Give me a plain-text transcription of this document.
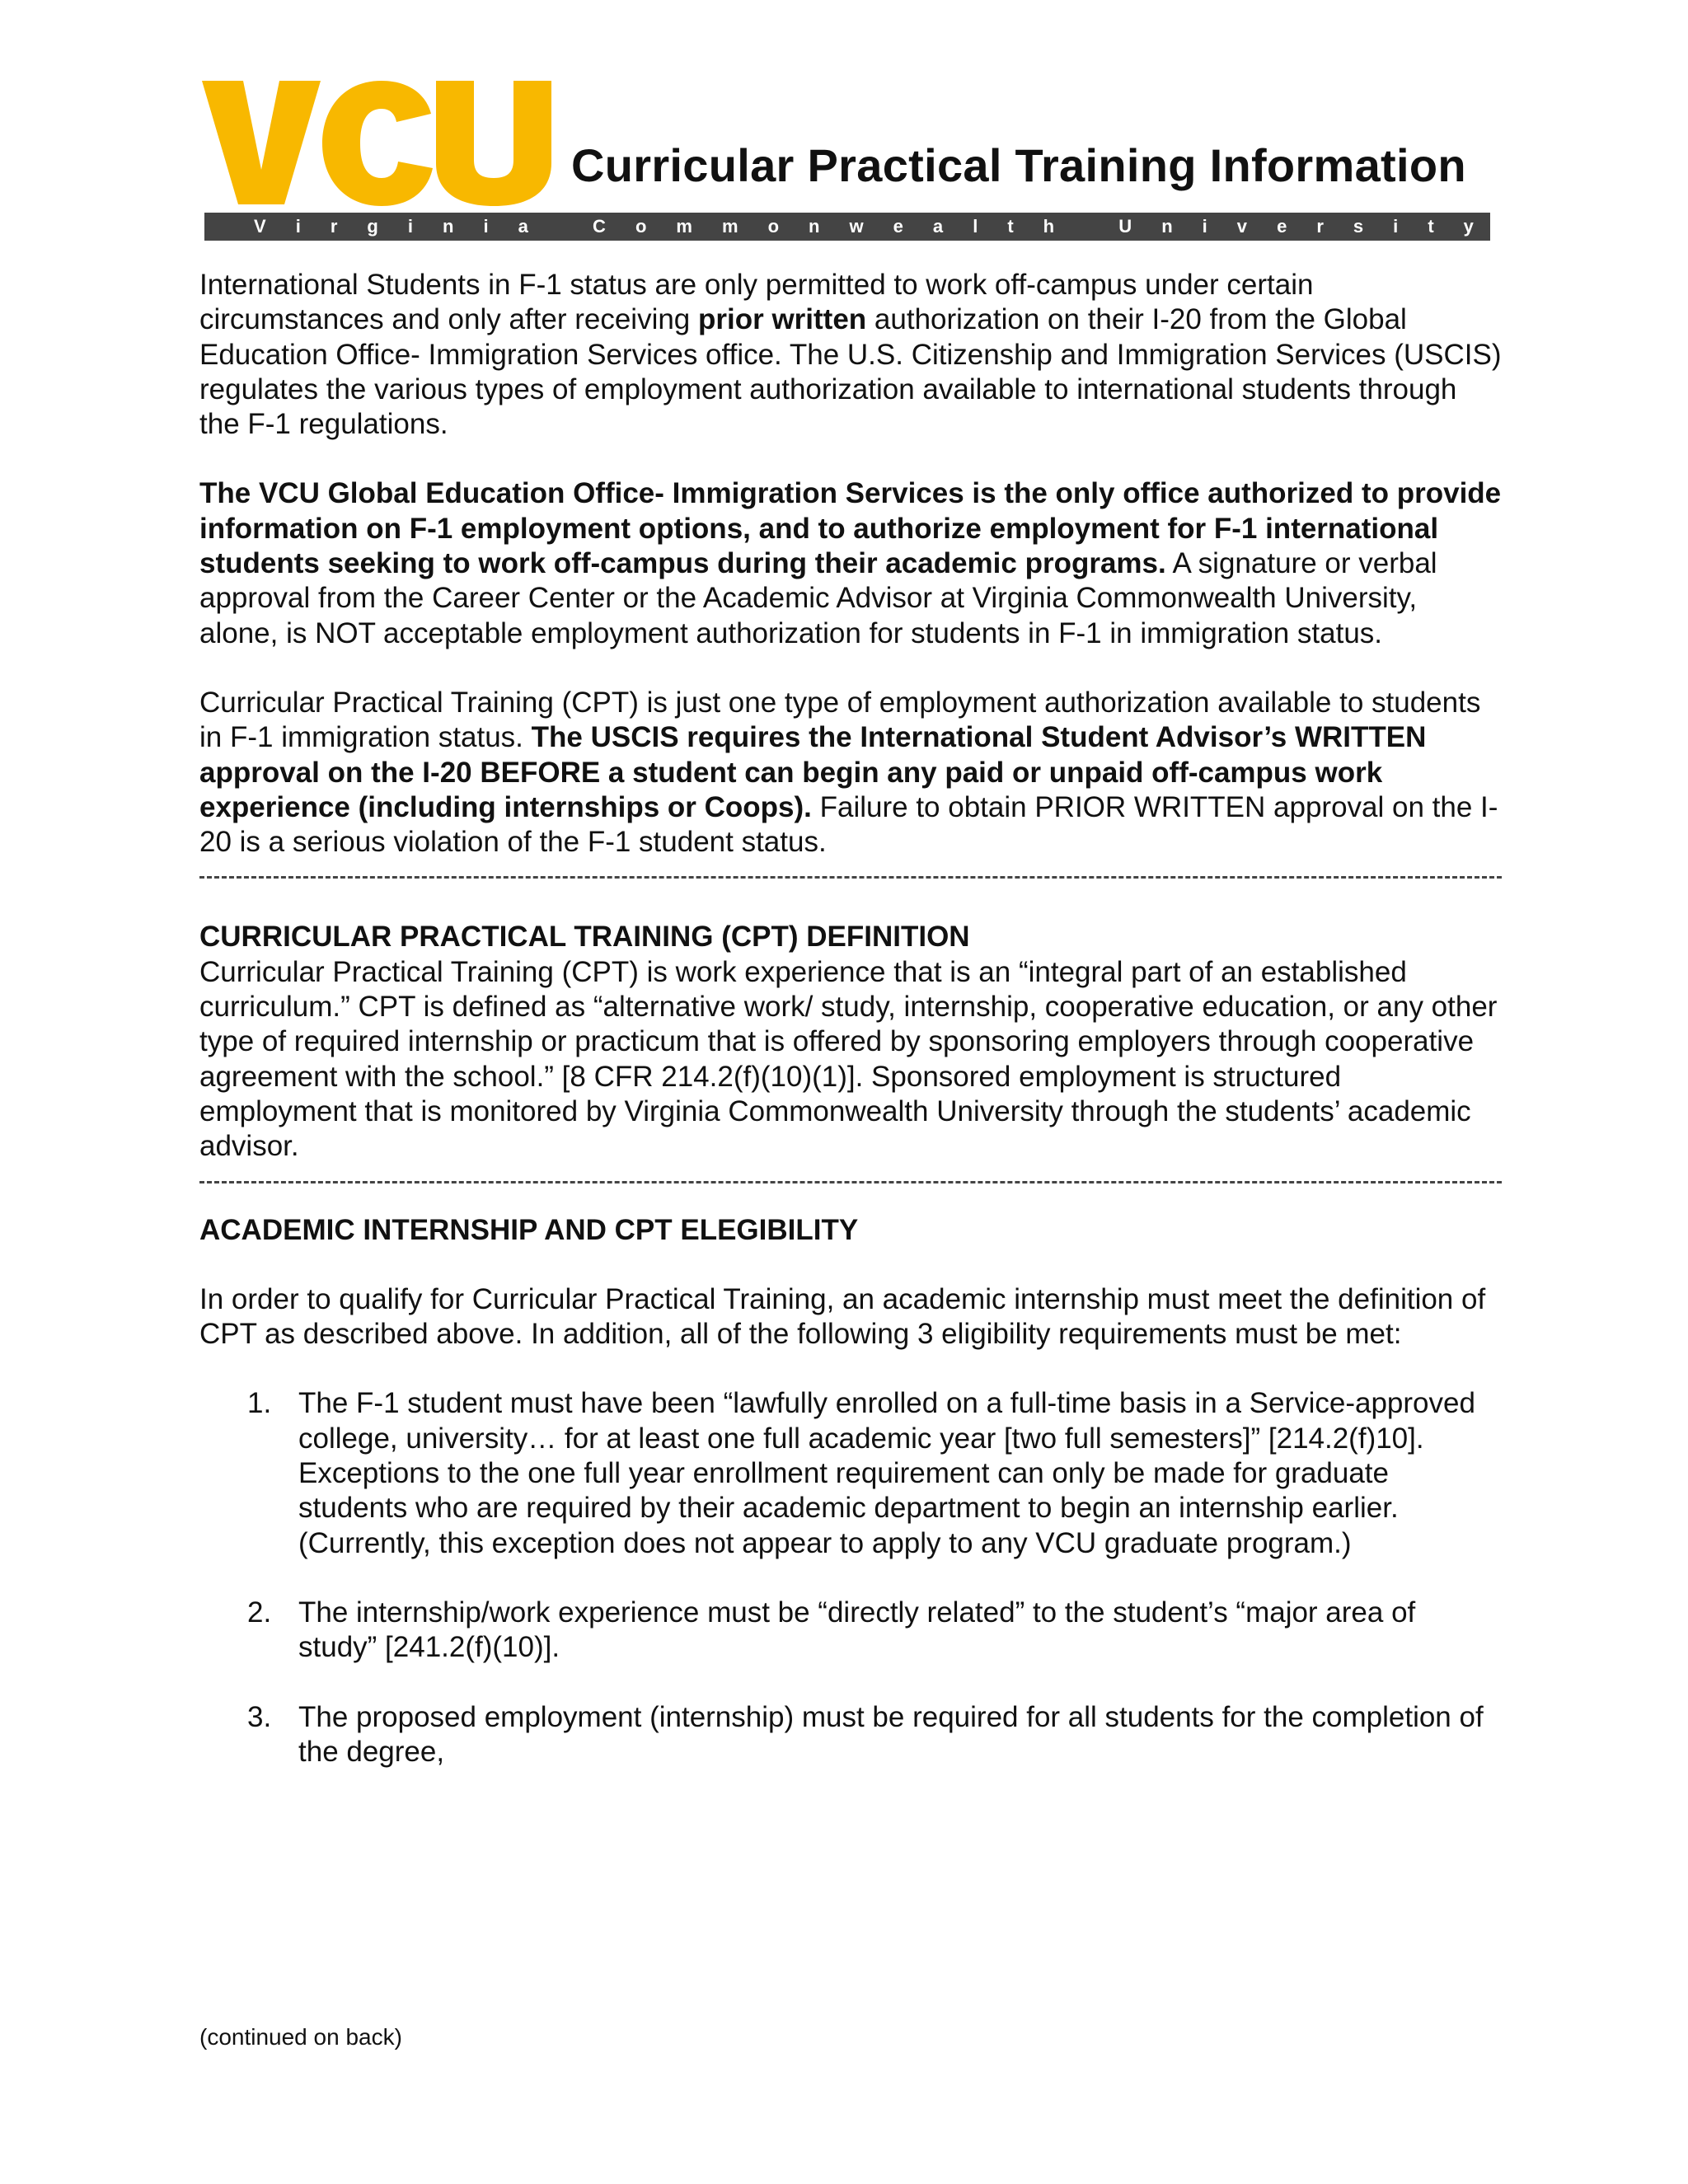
Curricular Practical Training Information
V i r g i n i a
	C o m m o n w e a l t h
	U n i v e r s i t y

International Students in F-1 status are only permitted to work off-campus under certain circumstances and only after receiving prior written authorization on their I-20 from the Global Education Office- Immigration Services office. The U.S. Citizenship and Immigration Services (USCIS) regulates the various types of employment authorization available to international students through the F-1 regulations.

The VCU Global Education Office- Immigration Services is the only office authorized to provide information on F-1 employment options, and to authorize employment for F-1 international students seeking to work off-campus during their academic programs. A signature or verbal approval from the Career Center or the Academic Advisor at Virginia Commonwealth University, alone, is NOT acceptable employment authorization for students in F-1 in immigration status.

Curricular Practical Training (CPT) is just one type of employment authorization available to students in F-1 immigration status. The USCIS requires the International Student Advisor’s WRITTEN approval on the I-20 BEFORE a student can begin any paid or unpaid off-campus work experience (including internships or Coops). Failure to obtain PRIOR WRITTEN approval on the I-20 is a serious violation of the F-1 student status.

CURRICULAR PRACTICAL TRAINING (CPT) DEFINITION

Curricular Practical Training (CPT) is work experience that is an “integral part of an established curriculum.” CPT is defined as “alternative work/ study, internship, cooperative education, or any other type of required internship or practicum that is offered by sponsoring employers through cooperative agreement with the school.” [8 CFR 214.2(f)(10)(1)]. Sponsored employment is structured employment that is monitored by Virginia Commonwealth University through the students’ academic advisor.

ACADEMIC INTERNSHIP AND CPT ELEGIBILITY

In order to qualify for Curricular Practical Training, an academic internship must meet the definition of CPT as described above. In addition, all of the following 3 eligibility requirements must be met:

1. The F-1 student must have been “lawfully enrolled on a full-time basis in a Service-approved college, university… for at least one full academic year [two full semesters]” [214.2(f)10]. Exceptions to the one full year enrollment requirement can only be made for graduate students who are required by their academic department to begin an internship earlier. (Currently, this exception does not appear to apply to any VCU graduate program.)
2. The internship/work experience must be “directly related” to the student’s “major area of study” [241.2(f)(10)].
3. The proposed employment (internship) must be required for all students for the completion of the degree,
(continued on back)
